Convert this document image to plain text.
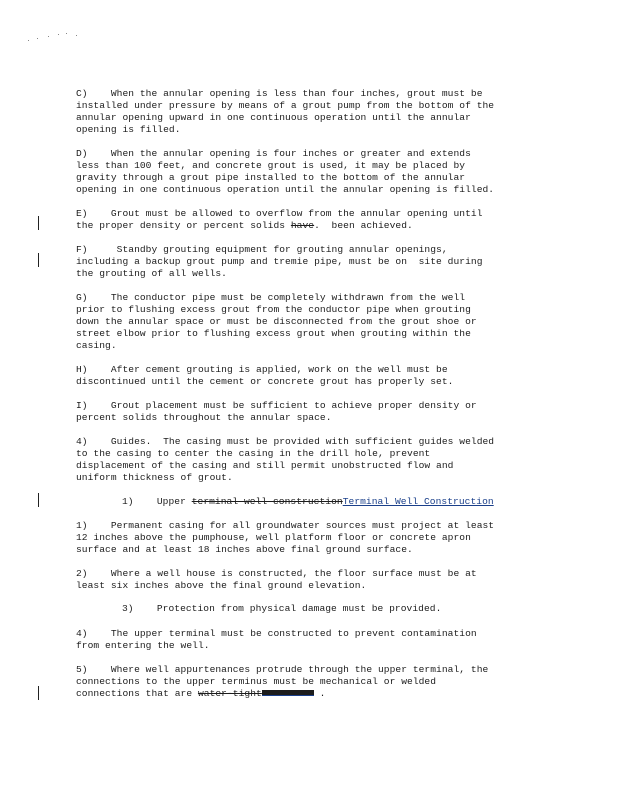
C)    When the annular opening is less than four inches, grout must be
installed under pressure by means of a grout pump from the bottom of the
annular opening upward in one continuous operation until the annular
opening is filled.
D)    When the annular opening is four inches or greater and extends
less than 100 feet, and concrete grout is used, it may be placed by
gravity through a grout pipe installed to the bottom of the annular
opening in one continuous operation until the annular opening is filled.
E)    Grout must be allowed to overflow from the annular opening until
the proper density or percent solids have.  been achieved.
F)     Standby grouting equipment for grouting annular openings,
including a backup grout pump and tremie pipe, must be on  site during
the grouting of all wells.
G)    The conductor pipe must be completely withdrawn from the well
prior to flushing excess grout from the conductor pipe when grouting
down the annular space or must be disconnected from the grout shoe or
street elbow prior to flushing excess grout when grouting within the
casing.
H)    After cement grouting is applied, work on the well must be
discontinued until the cement or concrete grout has properly set.
I)    Grout placement must be sufficient to achieve proper density or
percent solids throughout the annular space.
4)    Guides.  The casing must be provided with sufficient guides welded
to the casing to center the casing in the drill hole, prevent
displacement of the casing and still permit unobstructed flow and
uniform thickness of grout.
1) Upper terminal well constructionTerminal Well Construction
1)    Permanent casing for all groundwater sources must project at least
12 inches above the pumphouse, well platform floor or concrete apron
surface and at least 18 inches above final ground surface.
2)    Where a well house is constructed, the floor surface must be at
least six inches above the final ground elevation.
3)    Protection from physical damage must be provided.
4)    The upper terminal must be constructed to prevent contamination
from entering the well.
5)    Where well appurtenances protrude through the upper terminal, the
connections to the upper terminus must be mechanical or welded
connections that are water-tight	.
